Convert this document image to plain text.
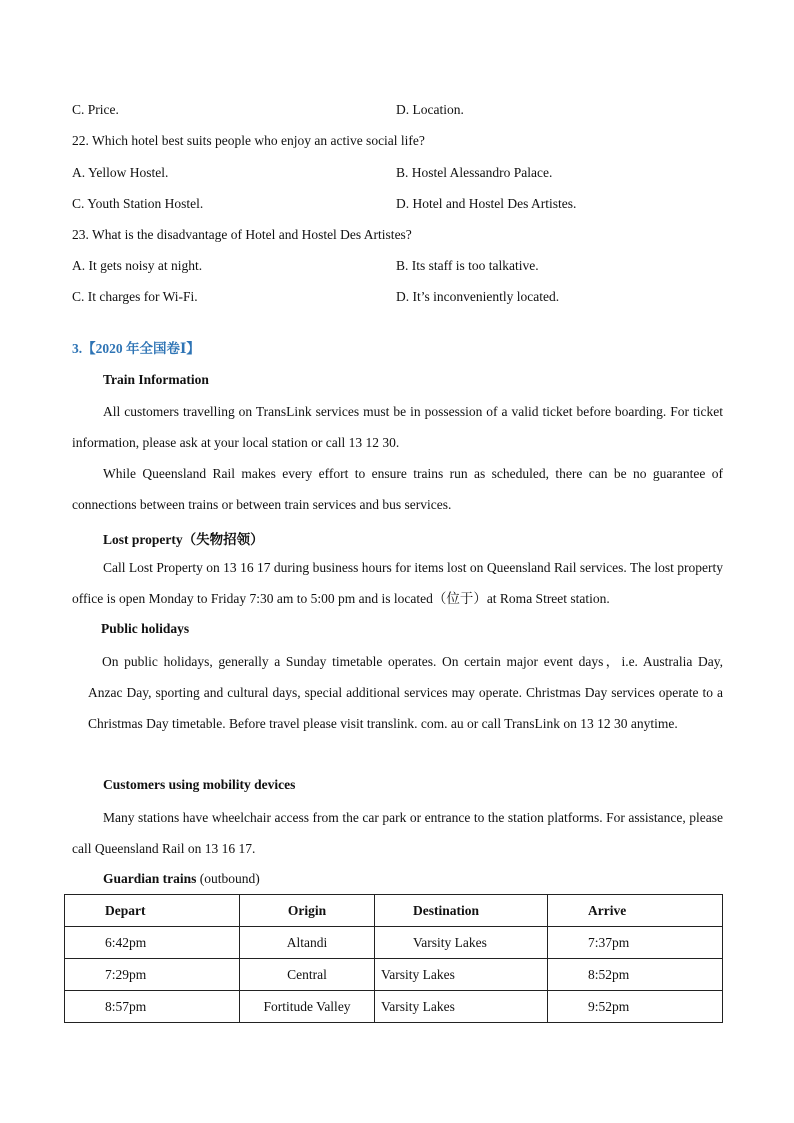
C. Price.	D. Location.
22. Which hotel best suits people who enjoy an active social life?
A. Yellow Hostel.	B. Hostel Alessandro Palace.
C. Youth Station Hostel.	D. Hotel and Hostel Des Artistes.
23. What is the disadvantage of Hotel and Hostel Des Artistes?
A. It gets noisy at night.	B. Its staff is too talkative.
C. It charges for Wi-Fi.	D. It’s inconveniently located.
3.【2020 年全国卷Ⅰ】
Train Information
All customers travelling on TransLink services must be in possession of a valid ticket before boarding. For ticket information, please ask at your local station or call 13 12 30.
While Queensland Rail makes every effort to ensure trains run as scheduled, there can be no guarantee of connections between trains or between train services and bus services.
Lost property（失物招领）
Call Lost Property on 13 16 17 during business hours for items lost on Queensland Rail services. The lost property office is open Monday to Friday 7:30 am to 5:00 pm and is located（位于）at Roma Street station.
Public holidays
On public holidays, generally a Sunday timetable operates. On certain major event days，i.e. Australia Day, Anzac Day, sporting and cultural days, special additional services may operate. Christmas Day services operate to a Christmas Day timetable. Before travel please visit translink. com. au or call TransLink on 13 12 30 anytime.
Customers using mobility devices
Many stations have wheelchair access from the car park or entrance to the station platforms. For assistance, please call Queensland Rail on 13 16 17.
Guardian trains (outbound)
Depart	Origin	Destination	Arrive
6:42pm	Altandi	Varsity Lakes	7:37pm
7:29pm	Central	Varsity Lakes	8:52pm
8:57pm	Fortitude Valley	Varsity Lakes	9:52pm
